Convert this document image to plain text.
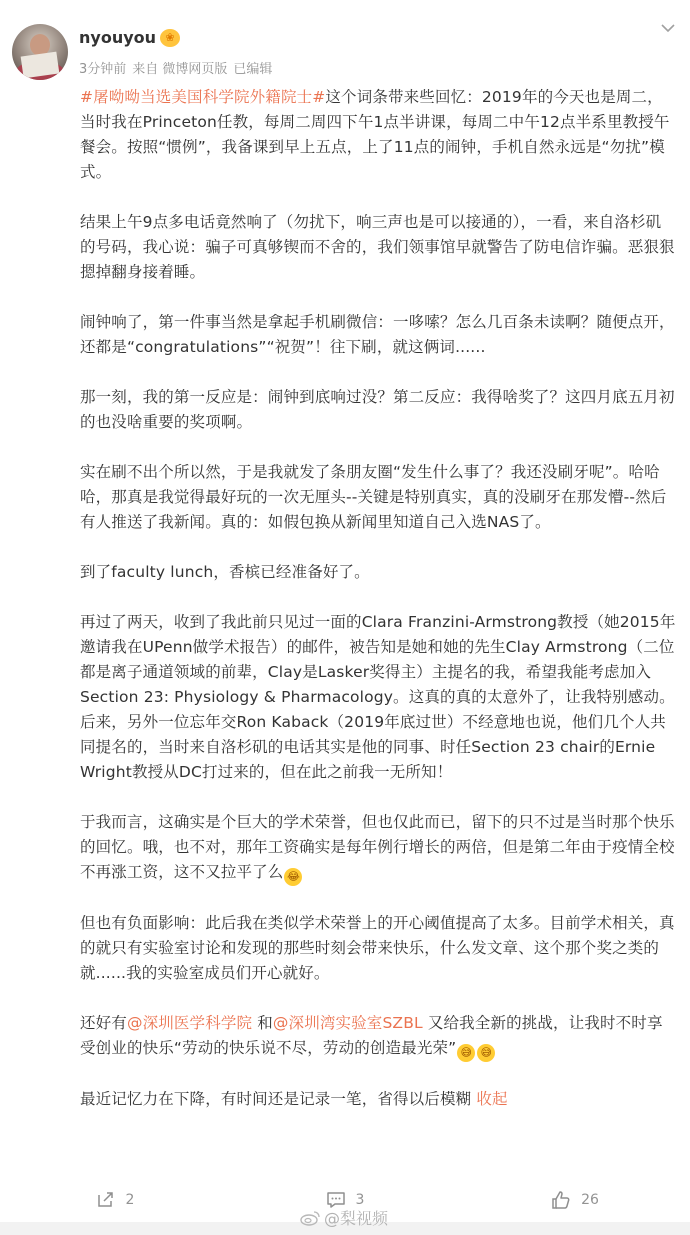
nyouyou ❀
3分钟前 来自 微博网页版 已编辑

#屠呦呦当选美国科学院外籍院士#这个词条带来些回忆：2019年的今天也是周二，当时我在Princeton任教，每周二周四下午1点半讲课，每周二中午12点半系里教授午餐会。按照“惯例”，我备课到早上五点，上了11点的闹钟，手机自然永远是“勿扰”模式。

结果上午9点多电话竟然响了（勿扰下，响三声也是可以接通的），一看，来自洛杉矶的号码，我心说：骗子可真够锲而不舍的，我们领事馆早就警告了防电信诈骗。恶狠狠摁掉翻身接着睡。

闹钟响了，第一件事当然是拿起手机刷微信：一哆嗦？怎么几百条未读啊？随便点开，还都是“congratulations”“祝贺”！往下刷，就这俩词......

那一刻，我的第一反应是：闹钟到底响过没？第二反应：我得啥奖了？这四月底五月初的也没啥重要的奖项啊。

实在刷不出个所以然，于是我就发了条朋友圈“发生什么事了？我还没刷牙呢”。哈哈哈，那真是我觉得最好玩的一次无厘头--关键是特别真实，真的没刷牙在那发懵--然后有人推送了我新闻。真的：如假包换从新闻里知道自己入选NAS了。

到了faculty lunch，香槟已经准备好了。

再过了两天，收到了我此前只见过一面的Clara Franzini-Armstrong教授（她2015年邀请我在UPenn做学术报告）的邮件，被告知是她和她的先生Clay Armstrong（二位都是离子通道领域的前辈，Clay是Lasker奖得主）主提名的我，希望我能考虑加入Section 23: Physiology & Pharmacology。这真的真的太意外了，让我特别感动。后来，另外一位忘年交Ron Kaback（2019年底过世）不经意地也说，他们几个人共同提名的，当时来自洛杉矶的电话其实是他的同事、时任Section 23 chair的Ernie Wright教授从DC打过来的，但在此之前我一无所知！

于我而言，这确实是个巨大的学术荣誉，但也仅此而已，留下的只不过是当时那个快乐的回忆。哦，也不对，那年工资确实是每年例行增长的两倍，但是第二年由于疫情全校不再涨工资，这不又拉平了么 😂

但也有负面影响：此后我在类似学术荣誉上的开心阈值提高了太多。目前学术相关，真的就只有实验室讨论和发现的那些时刻会带来快乐，什么发文章、这个那个奖之类的就......我的实验室成员们开心就好。

还好有@深圳医学科学院 和@深圳湾实验室SZBL 又给我全新的挑战，让我时不时享受创业的快乐“劳动的快乐说不尽，劳动的创造最光荣” 😅 😅

最近记忆力在下降，有时间还是记录一笔，省得以后模糊 收起

2	3	26
@梨视频
